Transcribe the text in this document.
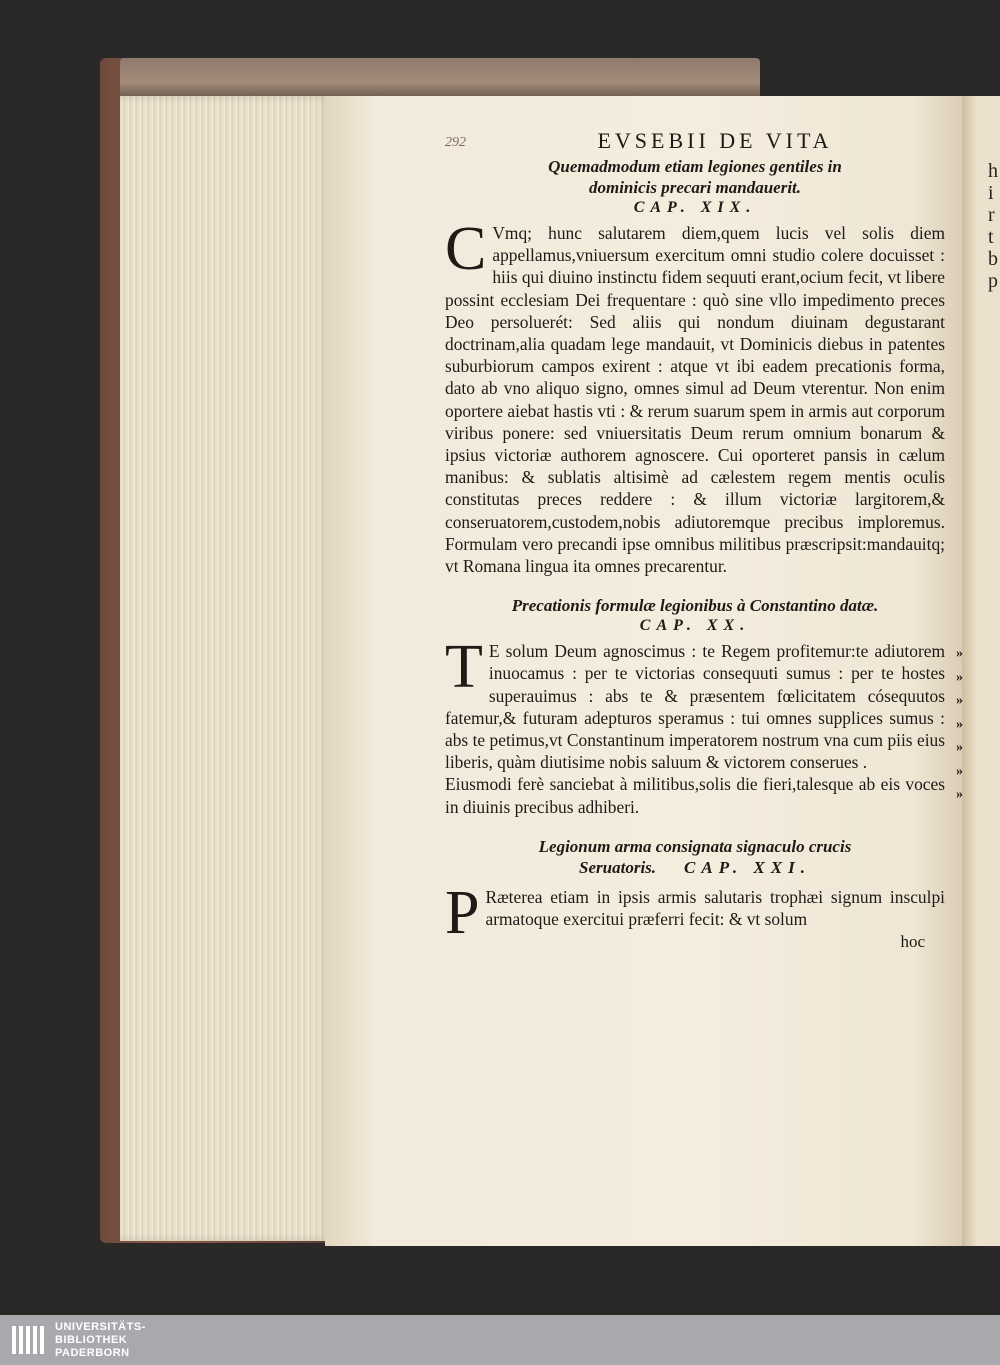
h
i
r
t
b
p
292	EVSEBII DE VITA
Quemadmodum etiam legiones gentiles in
dominicis precari mandauerit.
CAP. XIX.

C Vmq; hunc salutarem diem,quem lucis vel solis diem appellamus,vniuersum exercitum omni studio colere docuisset : hiis qui diuino instinctu fidem sequuti erant,ocium fecit, vt libere possint ecclesiam Dei frequentare : quò sine vllo impedimento preces Deo persoluerét: Sed aliis qui nondum diuinam degustarant doctrinam,alia quadam lege mandauit, vt Dominicis diebus in patentes suburbiorum campos exirent : atque vt ibi eadem precationis forma, dato ab vno aliquo signo, omnes simul ad Deum vterentur. Non enim oportere aiebat hastis vti : & rerum suarum spem in armis aut corporum viribus ponere: sed vniuersitatis Deum rerum omnium bonarum & ipsius victoriæ authorem agnoscere. Cui oporteret pansis in cælum manibus: & sublatis altisimè ad cælestem regem mentis oculis constitutas preces reddere : & illum victoriæ largitorem,& conseruatorem,custodem,nobis adiutoremque precibus imploremus. Formulam vero precandi ipse omnibus militibus præscripsit:mandauitq; vt Romana lingua ita omnes precarentur.

Precationis formulæ legionibus à Constantino datæ.
CAP. XX.

T E solum Deum agnoscimus : te Regem profitemur:te adiutorem inuocamus : per te victorias consequuti sumus : per te hostes superauimus : abs te & præsentem fœlicitatem cósequutos fatemur,& futuram adepturos speramus : tui omnes supplices sumus : abs te petimus,vt Constantinum imperatorem nostrum vna cum piis eius liberis, quàm diutisime nobis saluum & victorem conserues .

»
»
»
»
»
»
»

Eiusmodi ferè sanciebat à militibus,solis die fieri,talesque ab eis voces in diuinis precibus adhiberi.

Legionum arma consignata signaculo crucis
Seruatoris. CAP. XXI.

P Ræterea etiam in ipsis armis salutaris trophæi signum insculpi armatoque exercitui præferri fecit: & vt solum

hoc
UNIVERSITÄTS-
BIBLIOTHEK
PADERBORN
